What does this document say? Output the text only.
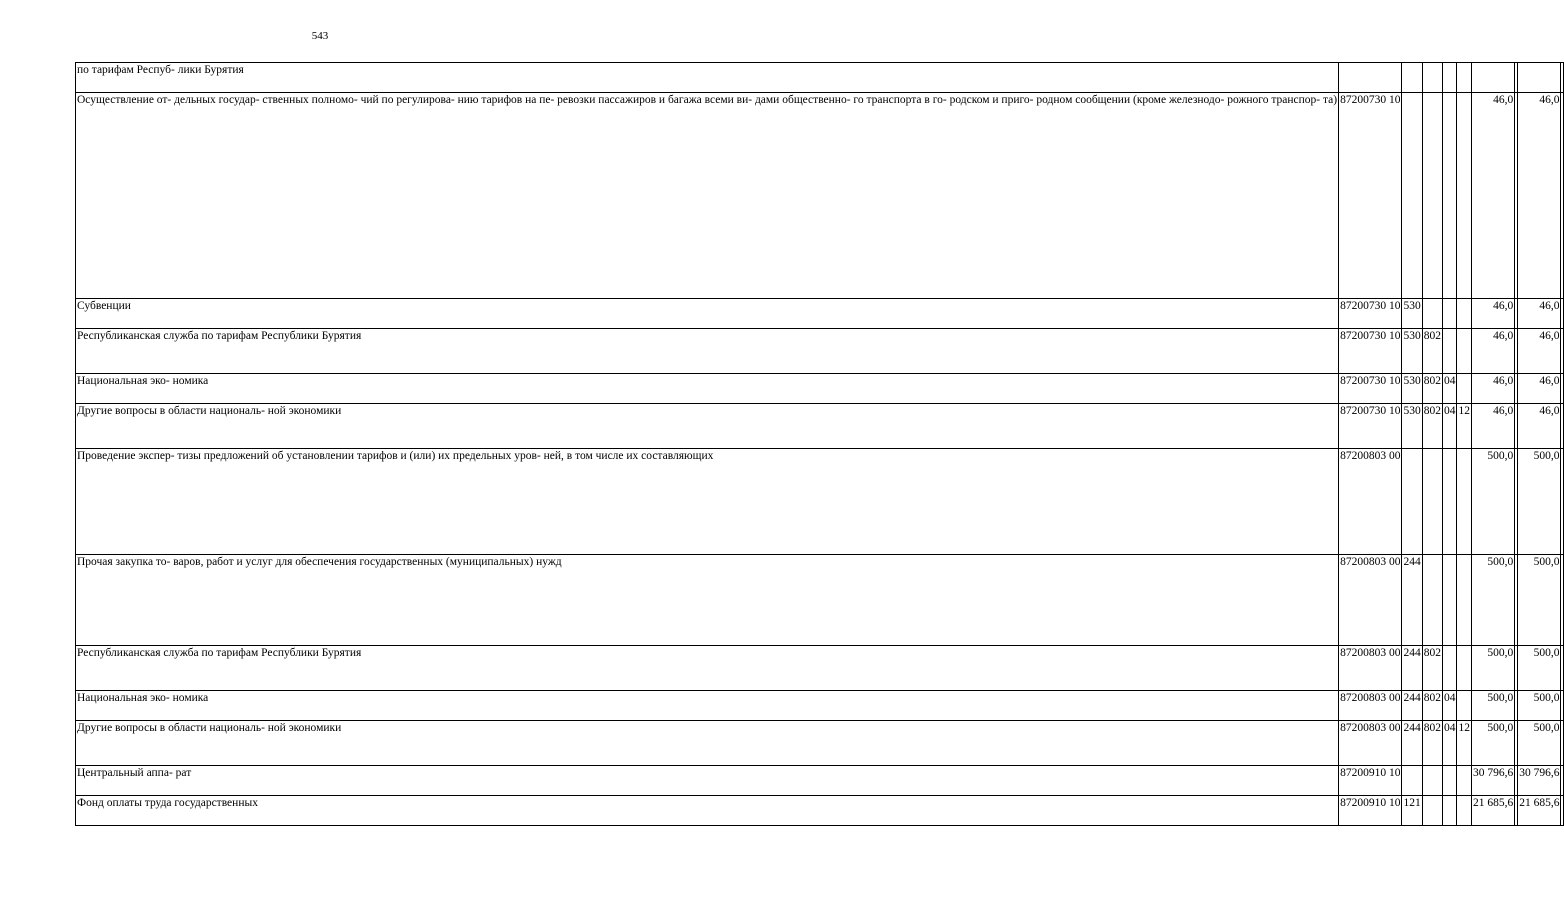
543
по тарифам Респуб- лики Бурятия									
Осуществление от- дельных государ- ственных полномо- чий по регулирова- нию тарифов на пе- ревозки пассажиров и багажа всеми ви- дами общественно- го транспорта в го- родском и приго- родном сообщении (кроме железнодо- рожного транспор- та)	87200730 10					46,0		46,0	
Субвенции	87200730 10	530				46,0		46,0	
Республиканская служба по тарифам Республики Бурятия	87200730 10	530	802			46,0		46,0	
Национальная эко- номика	87200730 10	530	802	04		46,0		46,0	
Другие вопросы в области националь- ной экономики	87200730 10	530	802	04	12	46,0		46,0	
Проведение экспер- тизы предложений об установлении тарифов и (или) их предельных уров- ней, в том числе их составляющих	87200803 00					500,0		500,0	
Прочая закупка то- варов, работ и услуг для обеспечения государственных (муниципальных) нужд	87200803 00	244				500,0		500,0	
Республиканская служба по тарифам Республики Бурятия	87200803 00	244	802			500,0		500,0	
Национальная эко- номика	87200803 00	244	802	04		500,0		500,0	
Другие вопросы в области националь- ной экономики	87200803 00	244	802	04	12	500,0		500,0	
Центральный аппа- рат	87200910 10					30 796,6		30 796,6	
Фонд оплаты труда государственных	87200910 10	121				21 685,6		21 685,6	
